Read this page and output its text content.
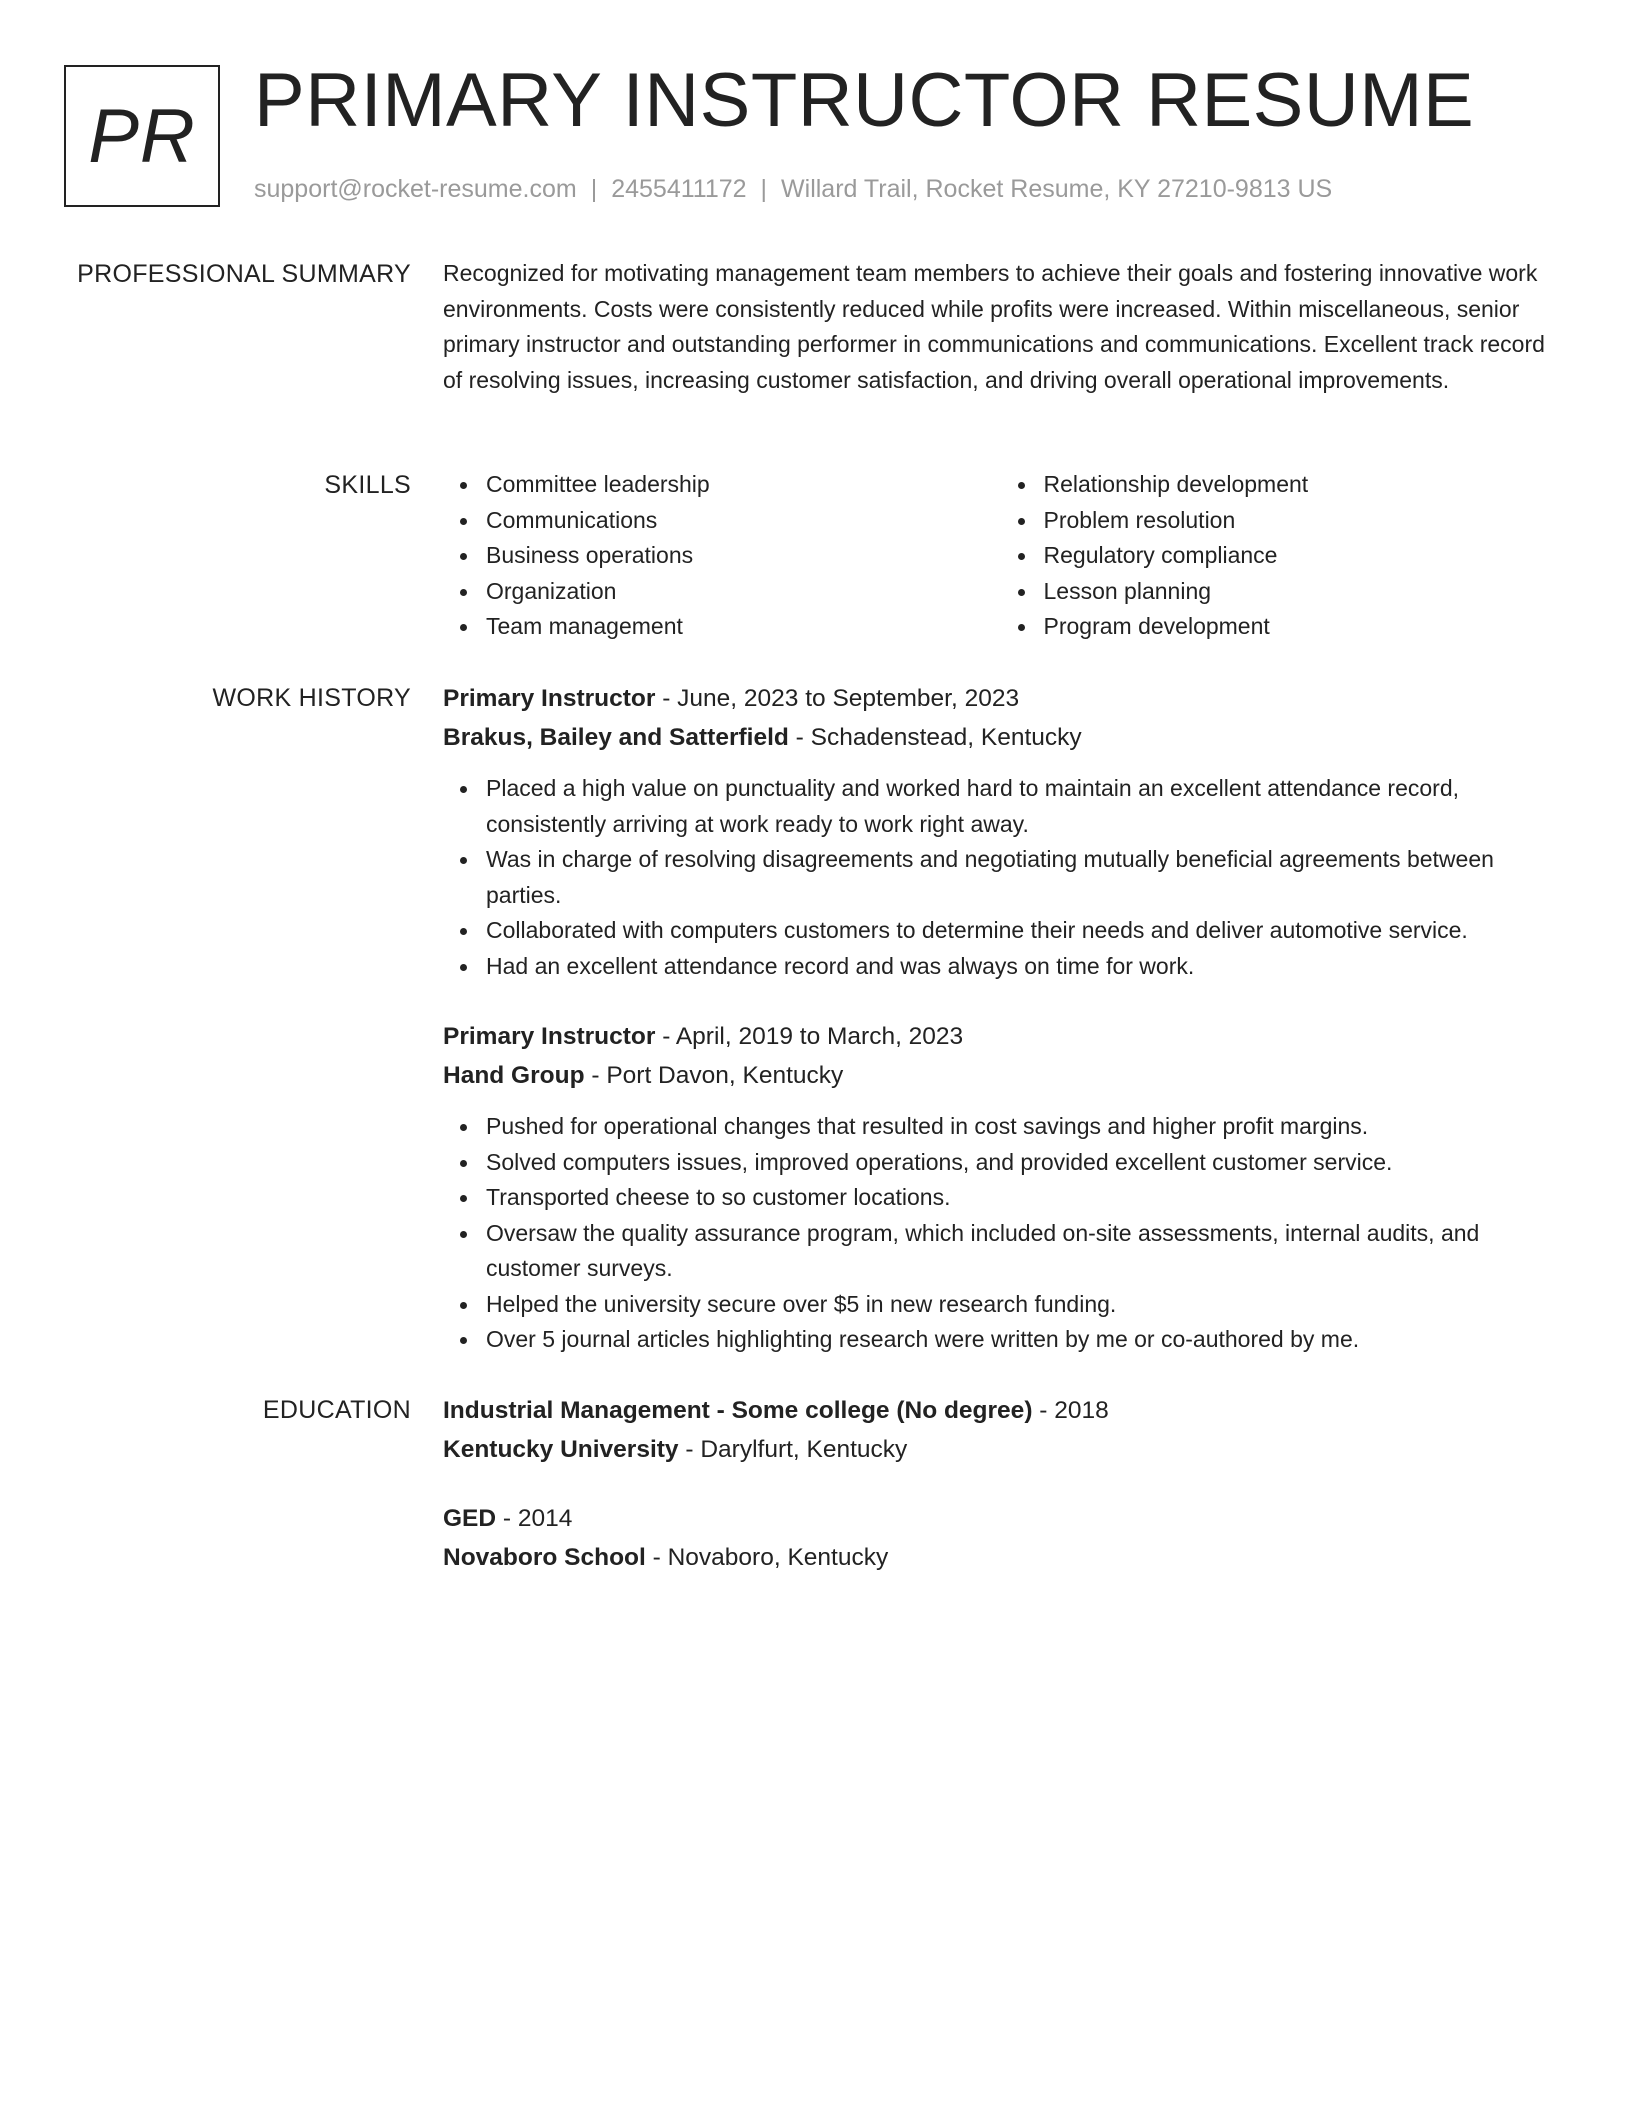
PR PRIMARY INSTRUCTOR RESUME
support@rocket-resume.com | 2455411172 | Willard Trail, Rocket Resume, KY 27210-9813 US
PROFESSIONAL SUMMARY Recognized for motivating management team members to achieve their goals and fostering innovative work environments. Costs were consistently reduced while profits were increased. Within miscellaneous, senior primary instructor and outstanding performer in communications and communications. Excellent track record of resolving issues, increasing customer satisfaction, and driving overall operational improvements.

SKILLS	Committee leadership
Communications
Business operations
Organization
Team management
Relationship development
Problem resolution
Regulatory compliance
Lesson planning
Program development
WORK HISTORY Primary Instructor - June, 2023 to September, 2023
Brakus, Bailey and Satterfield - Schadenstead, Kentucky
Placed a high value on punctuality and worked hard to maintain an excellent attendance record, consistently arriving at work ready to work right away.
Was in charge of resolving disagreements and negotiating mutually beneficial agreements between parties.
Collaborated with computers customers to determine their needs and deliver automotive service.
Had an excellent attendance record and was always on time for work.
Primary Instructor - April, 2019 to March, 2023
Hand Group - Port Davon, Kentucky
Pushed for operational changes that resulted in cost savings and higher profit margins.
Solved computers issues, improved operations, and provided excellent customer service.
Transported cheese to so customer locations.
Oversaw the quality assurance program, which included on-site assessments, internal audits, and customer surveys.
Helped the university secure over $5 in new research funding.
Over 5 journal articles highlighting research were written by me or co-authored by me.
EDUCATION Industrial Management - Some college (No degree) - 2018
Kentucky University - Darylfurt, Kentucky
GED - 2014
Novaboro School - Novaboro, Kentucky
